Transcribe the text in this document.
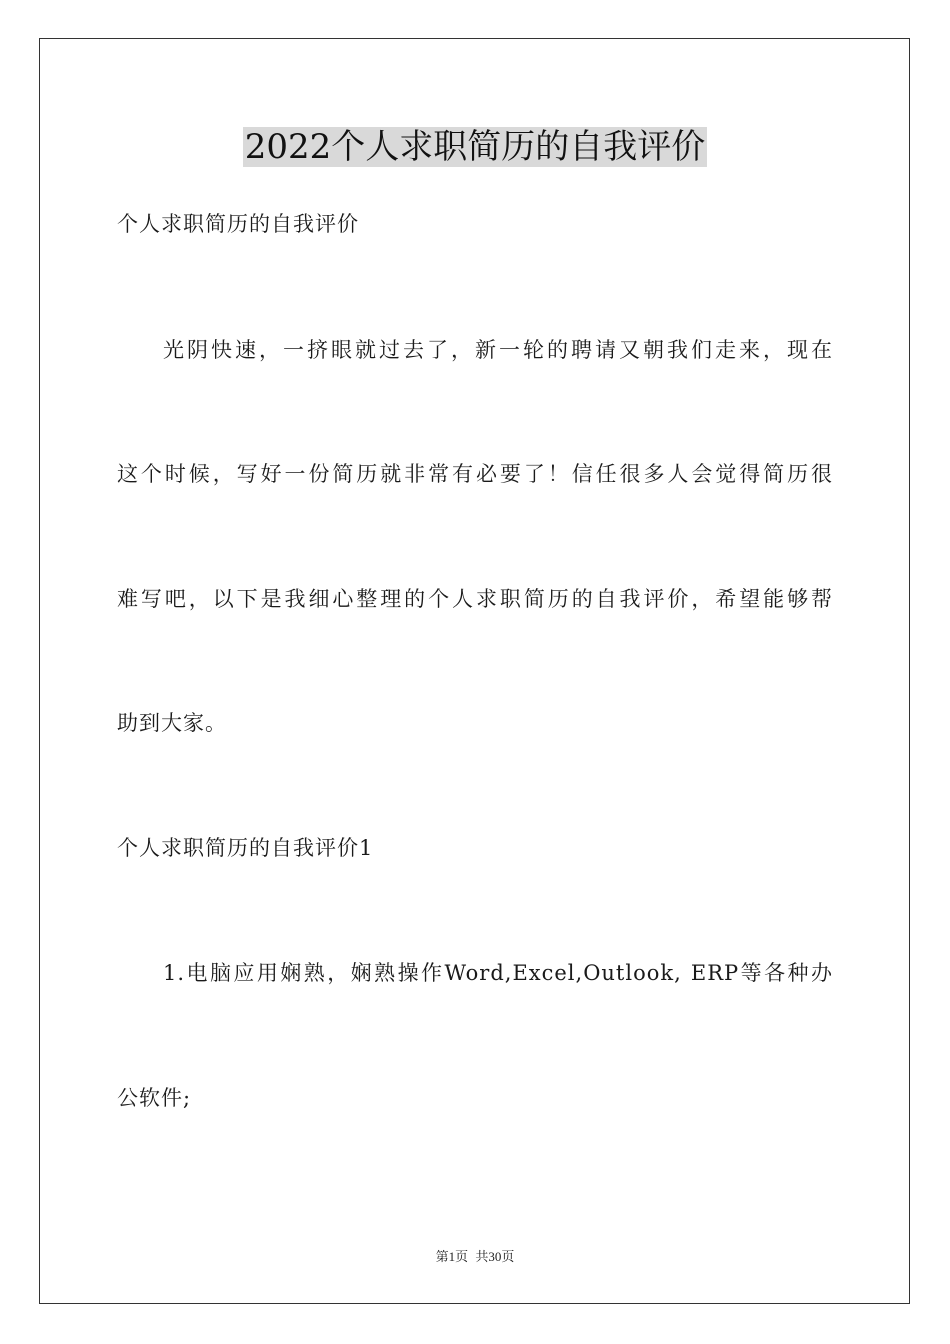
2022个人求职简历的自我评价
个人求职简历的自我评价
光阴快速，一挤眼就过去了，新一轮的聘请又朝我们走来，现在
这个时候，写好一份简历就非常有必要了！信任很多人会觉得简历很
难写吧，以下是我细心整理的个人求职简历的自我评价，希望能够帮
助到大家。
个人求职简历的自我评价1
1.电脑应用娴熟，娴熟操作Word,Excel,Outlook, ERP等各种办
公软件;
第1页 共30页
